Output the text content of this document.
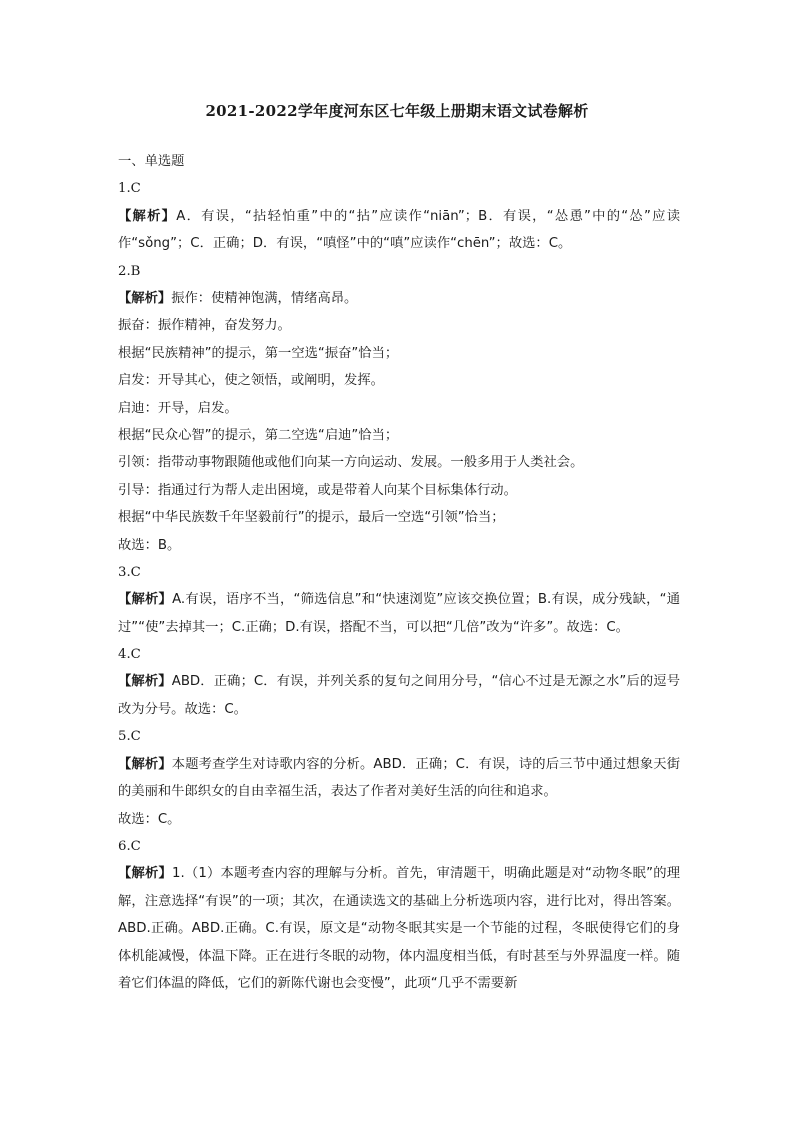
2021-2022学年度河东区七年级上册期末语文试卷解析
一、单选题
1.C
【解析】A．有误，“拈轻怕重”中的“拈”应读作“niān”；B．有误，“怂恿”中的“怂”应读作“sǒng”；C．正确；D．有误，“嗔怪”中的“嗔”应读作“chēn”；故选：C。
2.B
【解析】振作：使精神饱满，情绪高昂。
振奋：振作精神，奋发努力。
根据“民族精神”的提示，第一空选“振奋”恰当；
启发：开导其心，使之领悟，或阐明，发挥。
启迪：开导，启发。
根据“民众心智”的提示，第二空选“启迪”恰当；
引领：指带动事物跟随他或他们向某一方向运动、发展。一般多用于人类社会。
引导：指通过行为帮人走出困境，或是带着人向某个目标集体行动。
根据“中华民族数千年坚毅前行”的提示，最后一空选“引领”恰当；
故选：B。
3.C
【解析】A.有误，语序不当，“筛选信息”和“快速浏览”应该交换位置；B.有误，成分残缺，“通过”“使”去掉其一；C.正确；D.有误，搭配不当，可以把“几倍”改为“许多”。故选：C。
4.C
【解析】ABD．正确；C．有误，并列关系的复句之间用分号，“信心不过是无源之水”后的逗号改为分号。故选：C。
5.C
【解析】本题考查学生对诗歌内容的分析。ABD．正确；C．有误，诗的后三节中通过想象天街的美丽和牛郎织女的自由幸福生活，表达了作者对美好生活的向往和追求。
故选：C。
6.C
【解析】1.（1）本题考查内容的理解与分析。首先，审清题干，明确此题是对“动物冬眠”的理解，注意选择“有误”的一项；其次，在通读选文的基础上分析选项内容，进行比对，得出答案。ABD.正确。ABD.正确。C.有误，原文是“动物冬眠其实是一个节能的过程，冬眠使得它们的身体机能减慢，体温下降。正在进行冬眠的动物，体内温度相当低，有时甚至与外界温度一样。随着它们体温的降低，它们的新陈代谢也会变慢”，此项“几乎不需要新
